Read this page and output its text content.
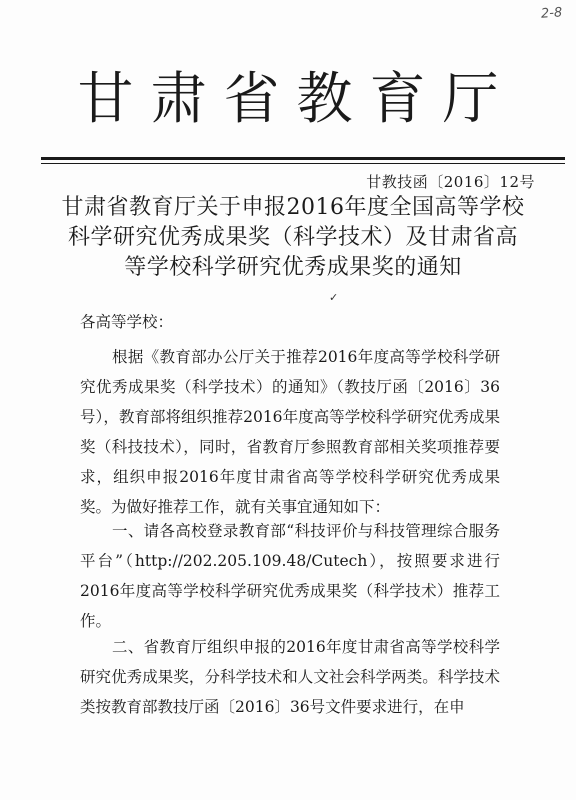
2-8
甘肃省教育厅
甘教技函〔2016〕12号
甘肃省教育厅关于申报2016年度全国高等学校科学研究优秀成果奖（科学技术）及甘肃省高等学校科学研究优秀成果奖的通知
✓
各高等学校：

根据《教育部办公厅关于推荐2016年度高等学校科学研究优秀成果奖（科学技术）的通知》（教技厅函〔2016〕36号），教育部将组织推荐2016年度高等学校科学研究优秀成果奖（科技技术），同时，省教育厅参照教育部相关奖项推荐要求，组织申报2016年度甘肃省高等学校科学研究优秀成果奖。为做好推荐工作，就有关事宜通知如下：

一、请各高校登录教育部“科技评价与科技管理综合服务平台”（http://202.205.109.48/Cutech），按照要求进行2016年度高等学校科学研究优秀成果奖（科学技术）推荐工作。

二、省教育厅组织申报的2016年度甘肃省高等学校科学研究优秀成果奖，分科学技术和人文社会科学两类。科学技术类按教育部教技厅函〔2016〕36号文件要求进行，在申
